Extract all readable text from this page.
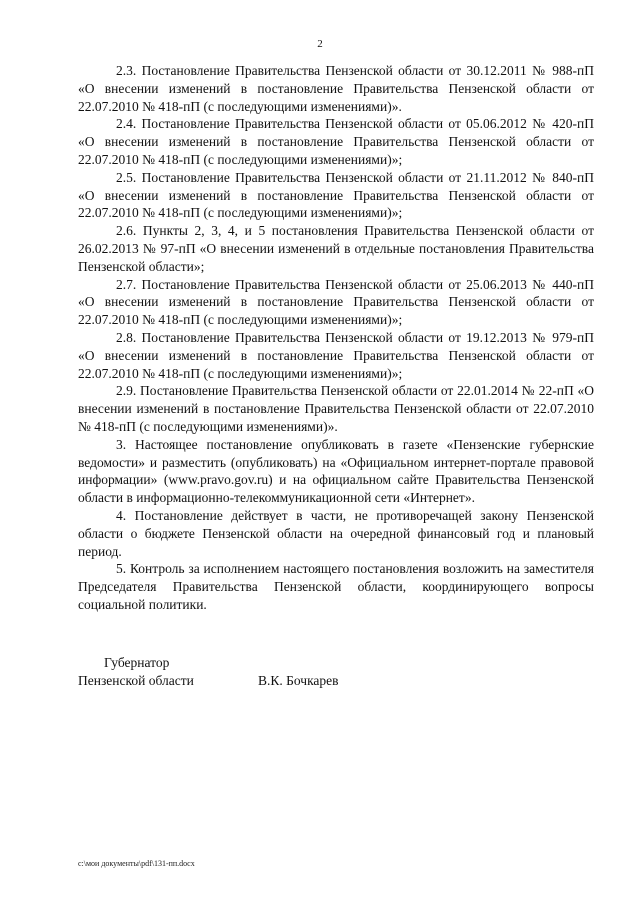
2

2.3. Постановление Правительства Пензенской области от 30.12.2011 № 988-пП «О внесении изменений в постановление Правительства Пензенской области от 22.07.2010 № 418-пП (с последующими изменениями)».

2.4. Постановление Правительства Пензенской области от 05.06.2012 № 420-пП «О внесении изменений в постановление Правительства Пензенской области от 22.07.2010 № 418-пП (с последующими изменениями)»;

2.5. Постановление Правительства Пензенской области от 21.11.2012 № 840-пП «О внесении изменений в постановление Правительства Пензенской области от 22.07.2010 № 418-пП (с последующими изменениями)»;

2.6. Пункты 2, 3, 4, и 5 постановления Правительства Пензенской области от 26.02.2013 № 97-пП «О внесении изменений в отдельные постановления Правительства Пензенской области»;

2.7. Постановление Правительства Пензенской области от 25.06.2013 № 440-пП «О внесении изменений в постановление Правительства Пензенской области от 22.07.2010 № 418-пП (с последующими изменениями)»;

2.8. Постановление Правительства Пензенской области от 19.12.2013 № 979-пП «О внесении изменений в постановление Правительства Пензенской области от 22.07.2010 № 418-пП (с последующими изменениями)»;

2.9. Постановление Правительства Пензенской области от 22.01.2014 № 22-пП «О внесении изменений в постановление Правительства Пензенской области от 22.07.2010 № 418-пП (с последующими изменениями)».

3. Настоящее постановление опубликовать в газете «Пензенские губернские ведомости» и разместить (опубликовать) на «Официальном интернет-портале правовой информации» (www.pravo.gov.ru) и на официальном сайте Правительства Пензенской области в информационно-телекоммуникационной сети «Интернет».

4. Постановление действует в части, не противоречащей закону Пензенской области о бюджете Пензенской области на очередной финансовый год и плановый период.

5. Контроль за исполнением настоящего постановления возложить на заместителя Председателя Правительства Пензенской области, координирующего вопросы социальной политики.

Губернатор
Пензенской области	В.К. Бочкарев
c:\мои документы\pdf\131-пп.docx
